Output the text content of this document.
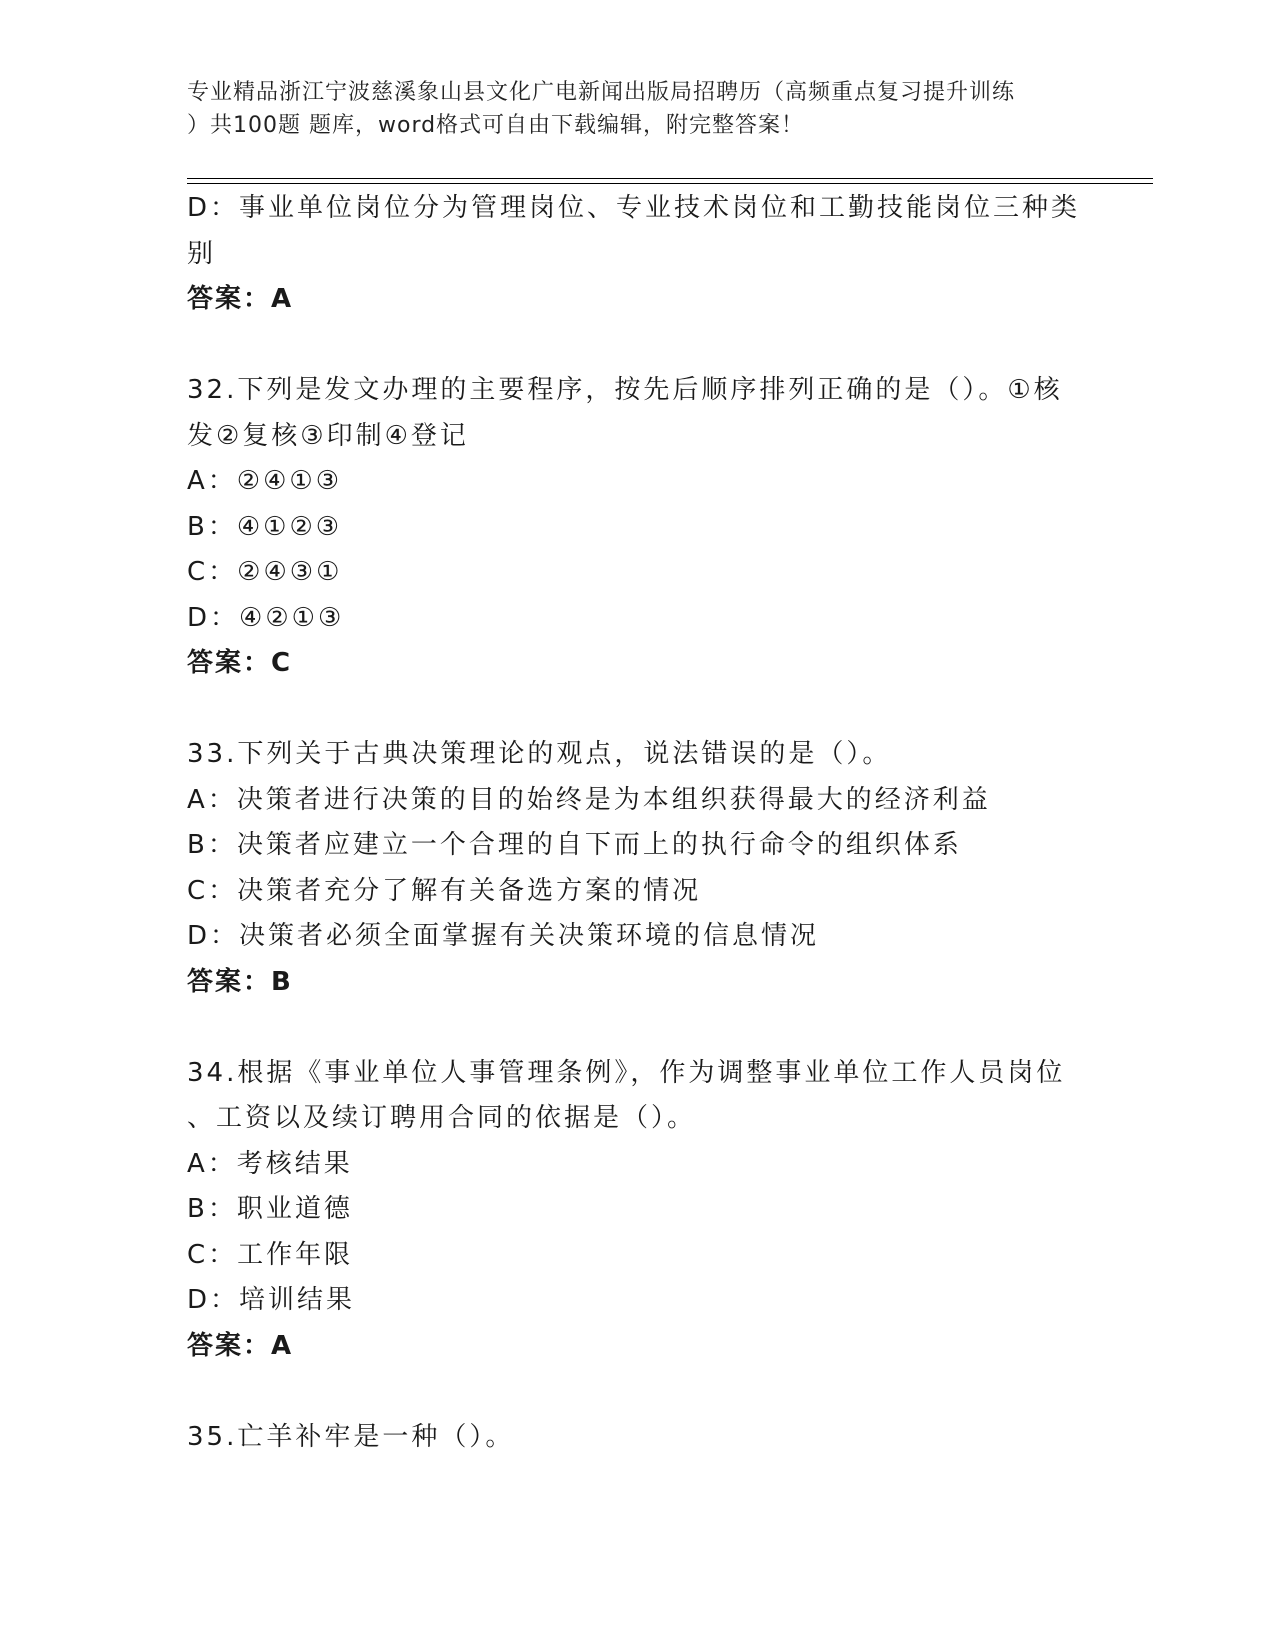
专业精品浙江宁波慈溪象山县文化广电新闻出版局招聘历（高频重点复习提升训练
）共100题 题库，word格式可自由下载编辑，附完整答案！
D：事业单位岗位分为管理岗位、专业技术岗位和工勤技能岗位三种类
别
答案：A
32.下列是发文办理的主要程序，按先后顺序排列正确的是（）。①核
发②复核③印制④登记
A：②④①③
B：④①②③
C：②④③①
D：④②①③
答案：C
33.下列关于古典决策理论的观点，说法错误的是（）。
A：决策者进行决策的目的始终是为本组织获得最大的经济利益
B：决策者应建立一个合理的自下而上的执行命令的组织体系
C：决策者充分了解有关备选方案的情况
D：决策者必须全面掌握有关决策环境的信息情况
答案：B
34.根据《事业单位人事管理条例》，作为调整事业单位工作人员岗位
、工资以及续订聘用合同的依据是（）。
A：考核结果
B：职业道德
C：工作年限
D：培训结果
答案：A
35.亡羊补牢是一种（）。
